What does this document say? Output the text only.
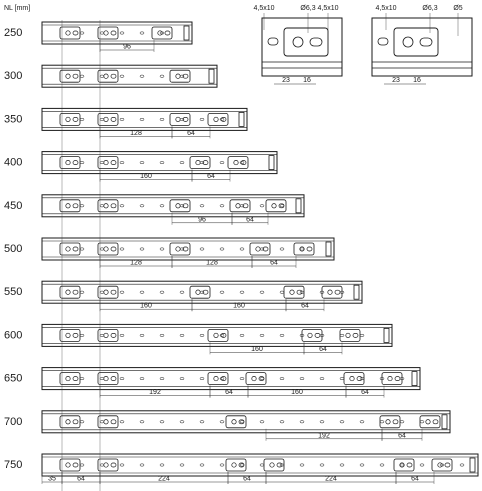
NL [mm]	4,5x10	Ø6,3 4,5x10
23 16
4,5x10	Ø6,3 Ø5
23 16
250
96
300
350
128	64
400
160	64
450
96	64
500
128	128	64
550
160	160	64
600
160	64
650
192	64	160	64
700
192	64
750
35	64	224	64	224	64
